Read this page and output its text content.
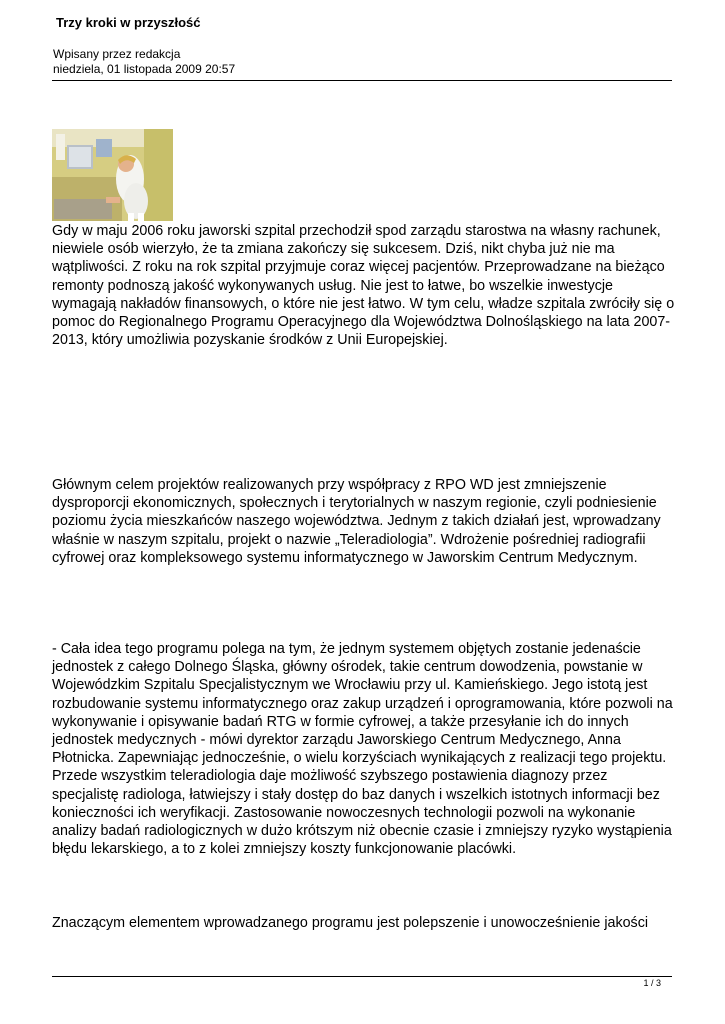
Trzy kroki w przyszłość
Wpisany przez redakcja
niedziela, 01 listopada 2009 20:57
Gdy w maju 2006 roku jaworski szpital przechodził spod zarządu starostwa na własny rachunek, niewiele osób wierzyło, że ta zmiana zakończy się sukcesem. Dziś, nikt chyba już nie ma wątpliwości. Z roku na rok szpital przyjmuje coraz więcej pacjentów. Przeprowadzane na bieżąco remonty podnoszą jakość wykonywanych usług. Nie jest to łatwe, bo wszelkie inwestycje wymagają nakładów finansowych, o które nie jest łatwo. W tym celu, władze szpitala zwróciły się o pomoc do Regionalnego Programu Operacyjnego dla Województwa Dolnośląskiego na lata 2007-2013, który umożliwia pozyskanie środków z Unii Europejskiej.
Głównym celem projektów realizowanych przy współpracy z RPO WD jest zmniejszenie dysproporcji ekonomicznych, społecznych i terytorialnych w naszym regionie, czyli podniesienie poziomu życia mieszkańców naszego województwa. Jednym z takich działań jest, wprowadzany właśnie w naszym szpitalu, projekt o nazwie „Teleradiologia”. Wdrożenie pośredniej radiografii cyfrowej oraz kompleksowego systemu informatycznego w Jaworskim Centrum Medycznym.
- Cała idea tego programu polega na tym, że jednym systemem objętych zostanie jedenaście jednostek z całego Dolnego Śląska, główny ośrodek, takie centrum dowodzenia, powstanie w Wojewódzkim Szpitalu Specjalistycznym we Wrocławiu przy ul. Kamieńskiego. Jego istotą jest rozbudowanie systemu informatycznego oraz zakup urządzeń i oprogramowania, które pozwoli na wykonywanie i opisywanie badań RTG w formie cyfrowej, a także przesyłanie ich do innych jednostek medycznych - mówi dyrektor zarządu Jaworskiego Centrum Medycznego, Anna Płotnicka. Zapewniając jednocześnie, o wielu korzyściach wynikających z realizacji tego projektu. Przede wszystkim teleradiologia daje możliwość szybszego postawienia diagnozy przez specjalistę radiologa, łatwiejszy i stały dostęp do baz danych i wszelkich istotnych informacji bez konieczności ich weryfikacji. Zastosowanie nowoczesnych technologii pozwoli na wykonanie analizy badań radiologicznych w dużo krótszym niż obecnie czasie i zmniejszy ryzyko wystąpienia błędu lekarskiego, a to z kolei zmniejszy koszty funkcjonowanie placówki.
Znaczącym elementem wprowadzanego programu jest polepszenie i unowocześnienie jakości
1 / 3
